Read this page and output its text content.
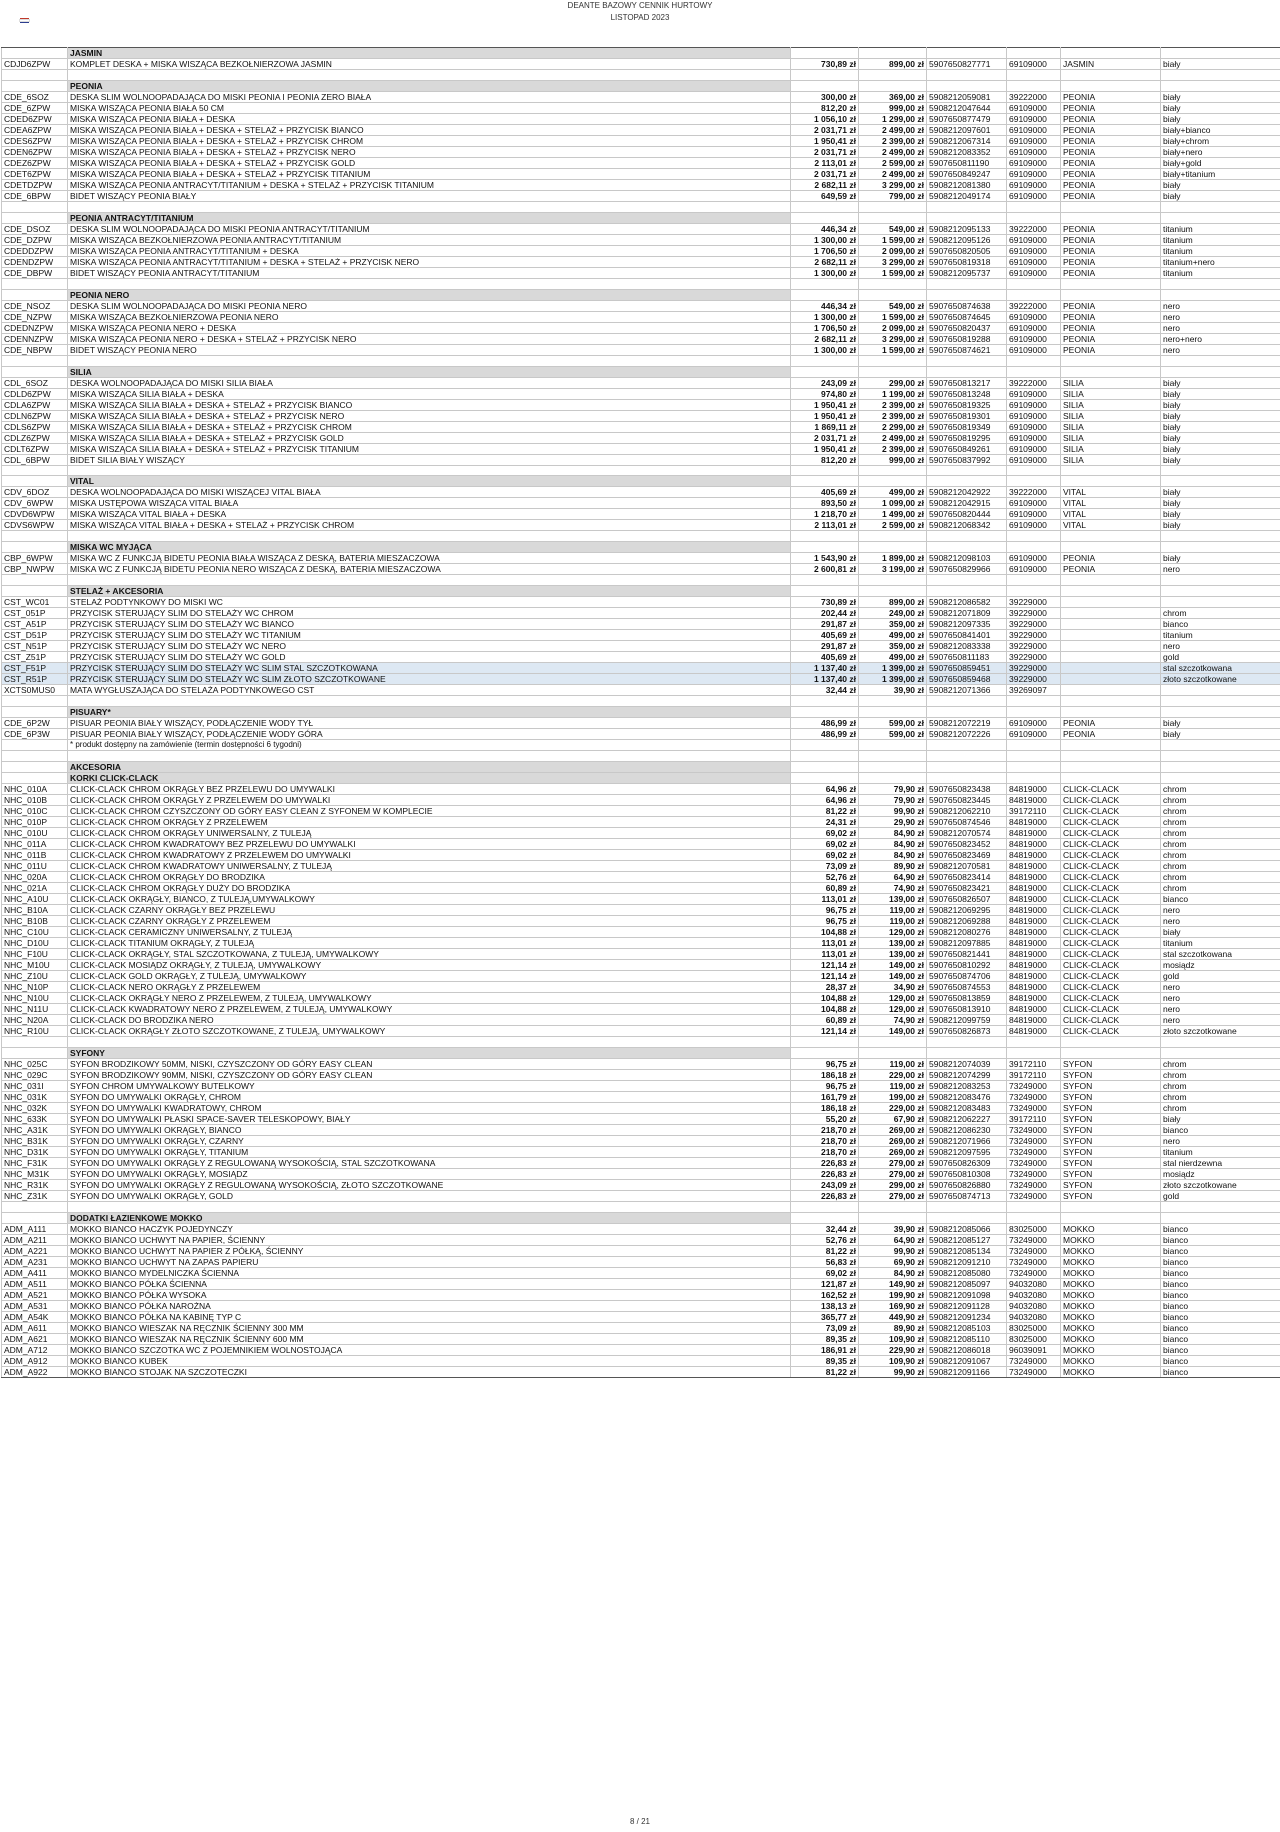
DEANTE BAZOWY CENNIK HURTOWY
LISTOPAD 2023
	JASMIN						
CDJD6ZPW	KOMPLET DESKA + MISKA WISZĄCA BEZKOŁNIERZOWA JASMIN	730,89 zł	899,00 zł	5907650827771	69109000	JASMIN	biały

	PEONIA						
CDE_6SOZ	DESKA SLIM WOLNOOPADAJĄCA DO MISKI PEONIA I PEONIA ZERO BIAŁA	300,00 zł	369,00 zł	5908212059081	39222000	PEONIA	biały
CDE_6ZPW	MISKA WISZĄCA PEONIA BIAŁA 50 CM	812,20 zł	999,00 zł	5908212047644	69109000	PEONIA	biały
CDED6ZPW	MISKA WISZĄCA PEONIA BIAŁA + DESKA	1 056,10 zł	1 299,00 zł	5907650877479	69109000	PEONIA	biały
CDEA6ZPW	MISKA WISZĄCA PEONIA BIAŁA + DESKA + STELAŻ + PRZYCISK BIANCO	2 031,71 zł	2 499,00 zł	5908212097601	69109000	PEONIA	biały+bianco
CDES6ZPW	MISKA WISZĄCA PEONIA BIAŁA + DESKA + STELAŻ + PRZYCISK CHROM	1 950,41 zł	2 399,00 zł	5908212067314	69109000	PEONIA	biały+chrom
CDEN6ZPW	MISKA WISZĄCA PEONIA BIAŁA + DESKA + STELAŻ + PRZYCISK NERO	2 031,71 zł	2 499,00 zł	5908212083352	69109000	PEONIA	biały+nero
CDEZ6ZPW	MISKA WISZĄCA PEONIA BIAŁA + DESKA + STELAŻ + PRZYCISK GOLD	2 113,01 zł	2 599,00 zł	5907650811190	69109000	PEONIA	biały+gold
CDET6ZPW	MISKA WISZĄCA PEONIA BIAŁA + DESKA + STELAŻ + PRZYCISK TITANIUM	2 031,71 zł	2 499,00 zł	5907650849247	69109000	PEONIA	biały+titanium
CDETDZPW	MISKA WISZĄCA PEONIA ANTRACYT/TITANIUM + DESKA + STELAŻ + PRZYCISK TITANIUM	2 682,11 zł	3 299,00 zł	5908212081380	69109000	PEONIA	biały
CDE_6BPW	BIDET WISZĄCY PEONIA BIAŁY	649,59 zł	799,00 zł	5908212049174	69109000	PEONIA	biały

	PEONIA ANTRACYT/TITANIUM						
CDE_DSOZ	DESKA SLIM WOLNOOPADAJĄCA DO MISKI PEONIA ANTRACYT/TITANIUM	446,34 zł	549,00 zł	5908212095133	39222000	PEONIA	titanium
CDE_DZPW	MISKA WISZĄCA BEZKOŁNIERZOWA PEONIA ANTRACYT/TITANIUM	1 300,00 zł	1 599,00 zł	5908212095126	69109000	PEONIA	titanium
CDEDDZPW	MISKA WISZĄCA PEONIA ANTRACYT/TITANIUM + DESKA	1 706,50 zł	2 099,00 zł	5907650820505	69109000	PEONIA	titanium
CDENDZPW	MISKA WISZĄCA PEONIA ANTRACYT/TITANIUM + DESKA + STELAŻ + PRZYCISK NERO	2 682,11 zł	3 299,00 zł	5907650819318	69109000	PEONIA	titanium+nero
CDE_DBPW	BIDET WISZĄCY PEONIA ANTRACYT/TITANIUM	1 300,00 zł	1 599,00 zł	5908212095737	69109000	PEONIA	titanium

	PEONIA NERO						
CDE_NSOZ	DESKA SLIM WOLNOOPADAJĄCA DO MISKI PEONIA NERO	446,34 zł	549,00 zł	5907650874638	39222000	PEONIA	nero
CDE_NZPW	MISKA WISZĄCA BEZKOŁNIERZOWA PEONIA NERO	1 300,00 zł	1 599,00 zł	5907650874645	69109000	PEONIA	nero
CDEDNZPW	MISKA WISZĄCA PEONIA NERO + DESKA	1 706,50 zł	2 099,00 zł	5907650820437	69109000	PEONIA	nero
CDENNZPW	MISKA WISZĄCA PEONIA NERO + DESKA + STELAŻ + PRZYCISK NERO	2 682,11 zł	3 299,00 zł	5907650819288	69109000	PEONIA	nero+nero
CDE_NBPW	BIDET WISZĄCY PEONIA NERO	1 300,00 zł	1 599,00 zł	5907650874621	69109000	PEONIA	nero

	SILIA						
CDL_6SOZ	DESKA WOLNOOPADAJĄCA DO MISKI SILIA BIAŁA	243,09 zł	299,00 zł	5907650813217	39222000	SILIA	biały
CDLD6ZPW	MISKA WISZĄCA SILIA BIAŁA + DESKA	974,80 zł	1 199,00 zł	5907650813248	69109000	SILIA	biały
CDLA6ZPW	MISKA WISZĄCA SILIA BIAŁA + DESKA + STELAŻ + PRZYCISK BIANCO	1 950,41 zł	2 399,00 zł	5907650819325	69109000	SILIA	biały
CDLN6ZPW	MISKA WISZĄCA SILIA BIAŁA + DESKA + STELAŻ + PRZYCISK NERO	1 950,41 zł	2 399,00 zł	5907650819301	69109000	SILIA	biały
CDLS6ZPW	MISKA WISZĄCA SILIA BIAŁA + DESKA + STELAŻ + PRZYCISK CHROM	1 869,11 zł	2 299,00 zł	5907650819349	69109000	SILIA	biały
CDLZ6ZPW	MISKA WISZĄCA SILIA BIAŁA + DESKA + STELAŻ + PRZYCISK GOLD	2 031,71 zł	2 499,00 zł	5907650819295	69109000	SILIA	biały
CDLT6ZPW	MISKA WISZĄCA SILIA BIAŁA + DESKA + STELAŻ + PRZYCISK TITANIUM	1 950,41 zł	2 399,00 zł	5907650849261	69109000	SILIA	biały
CDL_6BPW	BIDET SILIA BIAŁY WISZĄCY	812,20 zł	999,00 zł	5907650837992	69109000	SILIA	biały

	VITAL						
CDV_6DOZ	DESKA WOLNOOPADAJĄCA DO MISKI WISZĄCEJ VITAL BIAŁA	405,69 zł	499,00 zł	5908212042922	39222000	VITAL	biały
CDV_6WPW	MISKA USTĘPOWA WISZĄCA VITAL BIAŁA	893,50 zł	1 099,00 zł	5908212042915	69109000	VITAL	biały
CDVD6WPW	MISKA WISZĄCA VITAL BIAŁA + DESKA	1 218,70 zł	1 499,00 zł	5907650820444	69109000	VITAL	biały
CDVS6WPW	MISKA WISZĄCA VITAL BIAŁA + DESKA + STELAŻ + PRZYCISK CHROM	2 113,01 zł	2 599,00 zł	5908212068342	69109000	VITAL	biały

	MISKA WC MYJĄCA						
CBP_6WPW	MISKA WC Z FUNKCJĄ BIDETU PEONIA BIAŁA WISZĄCA Z DESKĄ, BATERIA MIESZACZOWA	1 543,90 zł	1 899,00 zł	5908212098103	69109000	PEONIA	biały
CBP_NWPW	MISKA WC Z FUNKCJĄ BIDETU PEONIA NERO WISZĄCA Z DESKĄ, BATERIA MIESZACZOWA	2 600,81 zł	3 199,00 zł	5907650829966	69109000	PEONIA	nero

	STELAŻ + AKCESORIA						
CST_WC01	STELAŻ PODTYNKOWY DO MISKI WC	730,89 zł	899,00 zł	5908212086582	39229000		
CST_051P	PRZYCISK STERUJĄCY SLIM DO STELAŻY WC CHROM	202,44 zł	249,00 zł	5908212071809	39229000		chrom
CST_A51P	PRZYCISK STERUJĄCY SLIM DO STELAŻY WC BIANCO	291,87 zł	359,00 zł	5908212097335	39229000		bianco
CST_D51P	PRZYCISK STERUJĄCY SLIM DO STELAŻY WC TITANIUM	405,69 zł	499,00 zł	5907650841401	39229000		titanium
CST_N51P	PRZYCISK STERUJĄCY SLIM DO STELAŻY WC NERO	291,87 zł	359,00 zł	5908212083338	39229000		nero
CST_Z51P	PRZYCISK STERUJĄCY SLIM DO STELAŻY WC GOLD	405,69 zł	499,00 zł	5907650811183	39229000		gold
CST_F51P	PRZYCISK STERUJĄCY SLIM DO STELAŻY WC SLIM STAL SZCZOTKOWANA	1 137,40 zł	1 399,00 zł	5907650859451	39229000		stal szczotkowana
CST_R51P	PRZYCISK STERUJĄCY SLIM DO STELAŻY WC SLIM ZŁOTO SZCZOTKOWANE	1 137,40 zł	1 399,00 zł	5907650859468	39229000		złoto szczotkowane
XCTS0MUS0	MATA WYGŁUSZAJĄCA DO STELAŻA PODTYNKOWEGO CST	32,44 zł	39,90 zł	5908212071366	39269097		

	PISUARY*						
CDE_6P2W	PISUAR PEONIA BIAŁY WISZĄCY, PODŁĄCZENIE WODY TYŁ	486,99 zł	599,00 zł	5908212072219	69109000	PEONIA	biały
CDE_6P3W	PISUAR PEONIA BIAŁY WISZĄCY, PODŁĄCZENIE WODY GÓRA	486,99 zł	599,00 zł	5908212072226	69109000	PEONIA	biały
	* produkt dostępny na zamówienie (termin dostępności 6 tygodni)						

	AKCESORIA						
	KORKI CLICK-CLACK						
NHC_010A	CLICK-CLACK CHROM OKRĄGŁY BEZ PRZELEWU DO UMYWALKI	64,96 zł	79,90 zł	5907650823438	84819000	CLICK-CLACK	chrom
NHC_010B	CLICK-CLACK CHROM OKRĄGŁY Z PRZELEWEM DO UMYWALKI	64,96 zł	79,90 zł	5907650823445	84819000	CLICK-CLACK	chrom
NHC_010C	CLICK-CLACK CHROM CZYSZCZONY OD GÓRY EASY CLEAN Z SYFONEM W KOMPLECIE	81,22 zł	99,90 zł	5908212062210	39172110	CLICK-CLACK	chrom
NHC_010P	CLICK-CLACK CHROM OKRĄGŁY Z PRZELEWEM	24,31 zł	29,90 zł	5907650874546	84819000	CLICK-CLACK	chrom
NHC_010U	CLICK-CLACK CHROM OKRĄGŁY UNIWERSALNY, Z TULEJĄ	69,02 zł	84,90 zł	5908212070574	84819000	CLICK-CLACK	chrom
NHC_011A	CLICK-CLACK CHROM KWADRATOWY BEZ PRZELEWU DO UMYWALKI	69,02 zł	84,90 zł	5907650823452	84819000	CLICK-CLACK	chrom
NHC_011B	CLICK-CLACK CHROM KWADRATOWY Z PRZELEWEM DO UMYWALKI	69,02 zł	84,90 zł	5907650823469	84819000	CLICK-CLACK	chrom
NHC_011U	CLICK-CLACK CHROM KWADRATOWY UNIWERSALNY, Z TULEJĄ	73,09 zł	89,90 zł	5908212070581	84819000	CLICK-CLACK	chrom
NHC_020A	CLICK-CLACK CHROM OKRĄGŁY DO BRODZIKA	52,76 zł	64,90 zł	5907650823414	84819000	CLICK-CLACK	chrom
NHC_021A	CLICK-CLACK CHROM OKRĄGŁY DUŻY DO BRODZIKA	60,89 zł	74,90 zł	5907650823421	84819000	CLICK-CLACK	chrom
NHC_A10U	CLICK-CLACK OKRĄGŁY, BIANCO, Z TULEJĄ,UMYWALKOWY	113,01 zł	139,00 zł	5907650826507	84819000	CLICK-CLACK	bianco
NHC_B10A	CLICK-CLACK CZARNY OKRĄGŁY BEZ PRZELEWU	96,75 zł	119,00 zł	5908212069295	84819000	CLICK-CLACK	nero
NHC_B10B	CLICK-CLACK CZARNY OKRĄGŁY Z PRZELEWEM	96,75 zł	119,00 zł	5908212069288	84819000	CLICK-CLACK	nero
NHC_C10U	CLICK-CLACK CERAMICZNY UNIWERSALNY, Z TULEJĄ	104,88 zł	129,00 zł	5908212080276	84819000	CLICK-CLACK	biały
NHC_D10U	CLICK-CLACK TITANIUM OKRĄGŁY, Z TULEJĄ	113,01 zł	139,00 zł	5908212097885	84819000	CLICK-CLACK	titanium
NHC_F10U	CLICK-CLACK OKRĄGŁY, STAL SZCZOTKOWANA, Z TULEJĄ, UMYWALKOWY	113,01 zł	139,00 zł	5907650821441	84819000	CLICK-CLACK	stal szczotkowana
NHC_M10U	CLICK-CLACK MOSIĄDZ OKRĄGŁY, Z TULEJĄ, UMYWALKOWY	121,14 zł	149,00 zł	5907650810292	84819000	CLICK-CLACK	mosiądz
NHC_Z10U	CLICK-CLACK GOLD OKRĄGŁY, Z TULEJĄ, UMYWALKOWY	121,14 zł	149,00 zł	5907650874706	84819000	CLICK-CLACK	gold
NHC_N10P	CLICK-CLACK NERO OKRĄGŁY Z PRZELEWEM	28,37 zł	34,90 zł	5907650874553	84819000	CLICK-CLACK	nero
NHC_N10U	CLICK-CLACK OKRĄGŁY NERO Z PRZELEWEM, Z TULEJĄ, UMYWALKOWY	104,88 zł	129,00 zł	5907650813859	84819000	CLICK-CLACK	nero
NHC_N11U	CLICK-CLACK KWADRATOWY NERO Z PRZELEWEM, Z TULEJĄ, UMYWALKOWY	104,88 zł	129,00 zł	5907650813910	84819000	CLICK-CLACK	nero
NHC_N20A	CLICK-CLACK DO BRODZIKA NERO	60,89 zł	74,90 zł	5908212099759	84819000	CLICK-CLACK	nero
NHC_R10U	CLICK-CLACK OKRĄGŁY ZŁOTO SZCZOTKOWANE, Z TULEJĄ, UMYWALKOWY	121,14 zł	149,00 zł	5907650826873	84819000	CLICK-CLACK	złoto szczotkowane

	SYFONY						
NHC_025C	SYFON BRODZIKOWY 50MM, NISKI, CZYSZCZONY OD GÓRY EASY CLEAN	96,75 zł	119,00 zł	5908212074039	39172110	SYFON	chrom
NHC_029C	SYFON BRODZIKOWY 90MM, NISKI, CZYSZCZONY OD GÓRY EASY CLEAN	186,18 zł	229,00 zł	5908212074299	39172110	SYFON	chrom
NHC_031I	SYFON CHROM UMYWALKOWY BUTELKOWY	96,75 zł	119,00 zł	5908212083253	73249000	SYFON	chrom
NHC_031K	SYFON DO UMYWALKI OKRĄGŁY, CHROM	161,79 zł	199,00 zł	5908212083476	73249000	SYFON	chrom
NHC_032K	SYFON DO UMYWALKI KWADRATOWY, CHROM	186,18 zł	229,00 zł	5908212083483	73249000	SYFON	chrom
NHC_633K	SYFON DO UMYWALKI PŁASKI SPACE-SAVER TELESKOPOWY, BIAŁY	55,20 zł	67,90 zł	5908212062227	39172110	SYFON	biały
NHC_A31K	SYFON DO UMYWALKI OKRĄGŁY, BIANCO	218,70 zł	269,00 zł	5908212086230	73249000	SYFON	bianco
NHC_B31K	SYFON DO UMYWALKI OKRĄGŁY, CZARNY	218,70 zł	269,00 zł	5908212071966	73249000	SYFON	nero
NHC_D31K	SYFON DO UMYWALKI OKRĄGŁY, TITANIUM	218,70 zł	269,00 zł	5908212097595	73249000	SYFON	titanium
NHC_F31K	SYFON DO UMYWALKI OKRĄGŁY Z REGULOWANĄ WYSOKOŚCIĄ, STAL SZCZOTKOWANA	226,83 zł	279,00 zł	5907650826309	73249000	SYFON	stal nierdzewna
NHC_M31K	SYFON DO UMYWALKI OKRĄGŁY, MOSIĄDZ	226,83 zł	279,00 zł	5907650810308	73249000	SYFON	mosiądz
NHC_R31K	SYFON DO UMYWALKI OKRĄGŁY Z REGULOWANĄ WYSOKOŚCIĄ, ZŁOTO SZCZOTKOWANE	243,09 zł	299,00 zł	5907650826880	73249000	SYFON	złoto szczotkowane
NHC_Z31K	SYFON DO UMYWALKI OKRĄGŁY, GOLD	226,83 zł	279,00 zł	5907650874713	73249000	SYFON	gold

	DODATKI ŁAZIENKOWE MOKKO						
ADM_A111	MOKKO BIANCO HACZYK POJEDYNCZY	32,44 zł	39,90 zł	5908212085066	83025000	MOKKO	bianco
ADM_A211	MOKKO BIANCO UCHWYT NA PAPIER, ŚCIENNY	52,76 zł	64,90 zł	5908212085127	73249000	MOKKO	bianco
ADM_A221	MOKKO BIANCO UCHWYT NA PAPIER Z PÓŁKĄ, ŚCIENNY	81,22 zł	99,90 zł	5908212085134	73249000	MOKKO	bianco
ADM_A231	MOKKO BIANCO UCHWYT NA ZAPAS PAPIERU	56,83 zł	69,90 zł	5908212091210	73249000	MOKKO	bianco
ADM_A411	MOKKO BIANCO MYDELNICZKA ŚCIENNA	69,02 zł	84,90 zł	5908212085080	73249000	MOKKO	bianco
ADM_A511	MOKKO BIANCO PÓŁKA ŚCIENNA	121,87 zł	149,90 zł	5908212085097	94032080	MOKKO	bianco
ADM_A521	MOKKO BIANCO PÓŁKA WYSOKA	162,52 zł	199,90 zł	5908212091098	94032080	MOKKO	bianco
ADM_A531	MOKKO BIANCO PÓŁKA NAROŻNA	138,13 zł	169,90 zł	5908212091128	94032080	MOKKO	bianco
ADM_A54K	MOKKO BIANCO PÓŁKA NA KABINĘ TYP C	365,77 zł	449,90 zł	5908212091234	94032080	MOKKO	bianco
ADM_A611	MOKKO BIANCO WIESZAK NA RĘCZNIK ŚCIENNY 300 MM	73,09 zł	89,90 zł	5908212085103	83025000	MOKKO	bianco
ADM_A621	MOKKO BIANCO WIESZAK NA RĘCZNIK ŚCIENNY 600 MM	89,35 zł	109,90 zł	5908212085110	83025000	MOKKO	bianco
ADM_A712	MOKKO BIANCO SZCZOTKA WC Z POJEMNIKIEM WOLNOSTOJĄCA	186,91 zł	229,90 zł	5908212086018	96039091	MOKKO	bianco
ADM_A912	MOKKO BIANCO KUBEK	89,35 zł	109,90 zł	5908212091067	73249000	MOKKO	bianco
ADM_A922	MOKKO BIANCO STOJAK NA SZCZOTECZKI	81,22 zł	99,90 zł	5908212091166	73249000	MOKKO	bianco
8 / 21
